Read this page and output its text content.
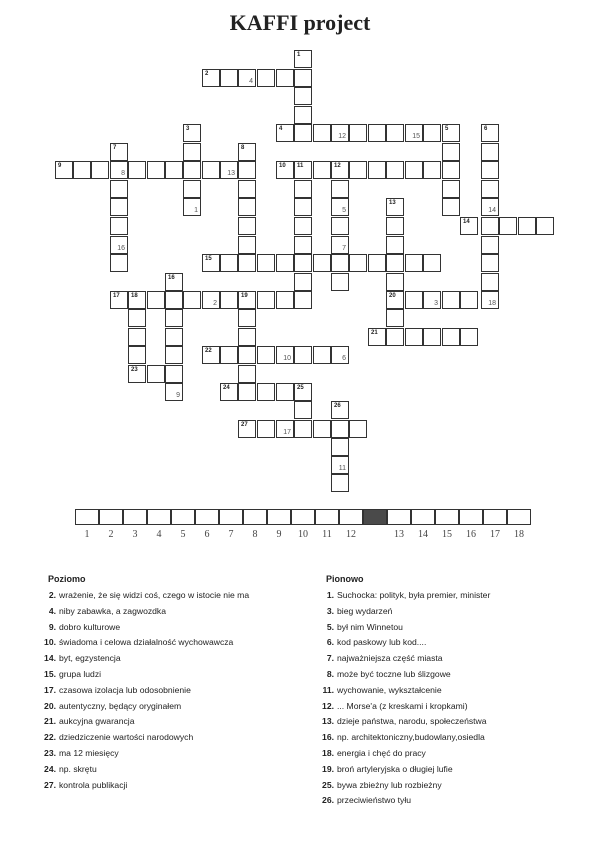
KAFFI project
1
2
4
4
12	15
5	6
14
3
1
7
16
8
9
8	13
10 11	12
5
7
13
14
15
16
17 18
2
19	20
3	18
9
21
22
10	6
23
24	25
26
11
27
17
1	2	3	4	5	6	7	8	9	10	11	12	13	14	15	16	17	18
Poziomo
2. wrażenie, że się widzi coś, czego w istocie nie ma
4. niby zabawka, a zagwozdka
9. dobro kulturowe
10. świadoma i celowa działalność wychowawcza
14. byt, egzystencja
15. grupa ludzi
17. czasowa izolacja lub odosobnienie
20. autentyczny, będący oryginałem
21. aukcyjna gwarancja
22. dziedziczenie wartości narodowych
23. ma 12 miesięcy
24. np. skrętu
27. kontrola publikacji
Pionowo
1. Suchocka: polityk, była premier, minister
3. bieg wydarzeń
5. był nim Winnetou
6. kod paskowy lub kod....
7. najważniejsza część miasta
8. może być toczne lub ślizgowe
11. wychowanie, wykształcenie
12. ... Morse'a (z kreskami i kropkami)
13. dzieje państwa, narodu, społeczeństwa
16. np. architektoniczny,budowlany,osiedla
18. energia i chęć do pracy
19. broń artyleryjska o długiej lufie
25. bywa zbieżny lub rozbieżny
26. przeciwieństwo tyłu
